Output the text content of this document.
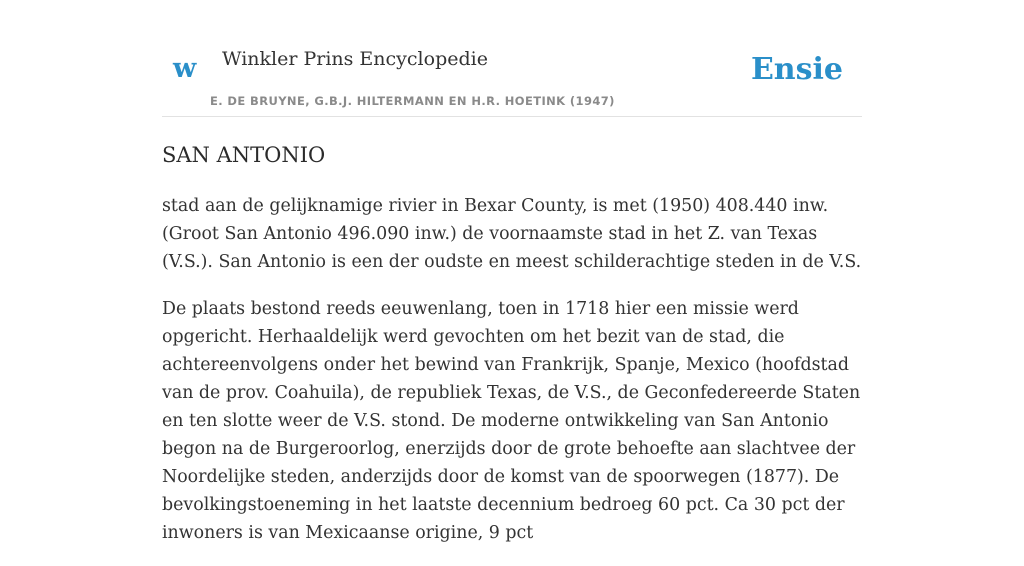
w Winkler Prins Encyclopedie
E. DE BRUYNE, G.B.J. HILTERMANN EN H.R. HOETINK (1947)
Ensie
SAN ANTONIO

stad aan de gelijknamige rivier in Bexar County, is met (1950) 408.440 inw. (Groot San Antonio 496.090 inw.) de voornaamste stad in het Z. van Texas (V.S.). San Antonio is een der oudste en meest schilderachtige steden in de V.S.

De plaats bestond reeds eeuwenlang, toen in 1718 hier een missie werd opgericht. Herhaaldelijk werd gevochten om het bezit van de stad, die achtereenvolgens onder het bewind van Frankrijk, Spanje, Mexico (hoofdstad van de prov. Coahuila), de republiek Texas, de V.S., de Geconfedereerde Staten en ten slotte weer de V.S. stond. De moderne ontwikkeling van San Antonio begon na de Burgeroorlog, enerzijds door de grote behoefte aan slachtvee der Noordelijke steden, anderzijds door de komst van de spoorwegen (1877). De bevolkingstoeneming in het laatste decennium bedroeg 60 pct. Ca 30 pct der inwoners is van Mexicaanse origine, 9 pct
